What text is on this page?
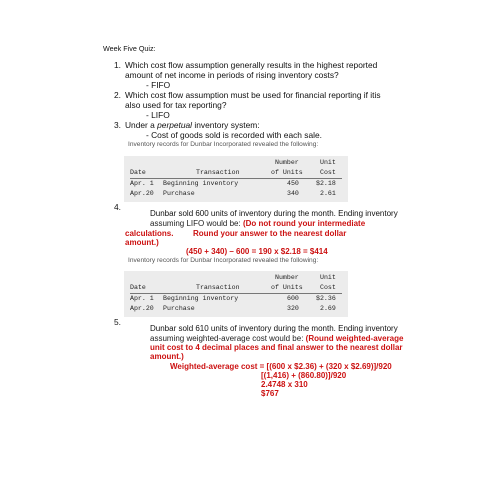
Week Five Quiz:
1. Which cost flow assumption generally results in the highest reported
amount of net income in periods of rising inventory costs?
- FIFO
2. Which cost flow assumption must be used for financial reporting if itis
also used for tax reporting?
- LIFO
3. Under a perpetual inventory system:
- Cost of goods sold is recorded with each sale.
Inventory records for Dunbar Incorporated revealed the following:
Number	Unit
Date	Transaction	of Units	Cost
Apr. 1 Beginning inventory	450	$2.18
Apr.20 Purchase	340	2.61
4.
Dunbar sold 600 units of inventory during the month. Ending inventory
assuming LIFO would be: (Do not round your intermediate
calculations. Round your answer to the nearest dollar
amount.)
(450 + 340) – 600 = 190 x $2.18 = $414
Inventory records for Dunbar Incorporated revealed the following:
Number	Unit
Date	Transaction	of Units	Cost
Apr. 1 Beginning inventory	600	$2.36
Apr.20 Purchase	320	2.69
5.
Dunbar sold 610 units of inventory during the month. Ending inventory
assuming weighted-average cost would be: (Round weighted-average
unit cost to 4 decimal places and final answer to the nearest dollar
amount.)
Weighted-average cost = [(600 x $2.36) + (320 x $2.69)]/920
[(1,416) + (860.80)]/920
2.4748 x 310
$767
